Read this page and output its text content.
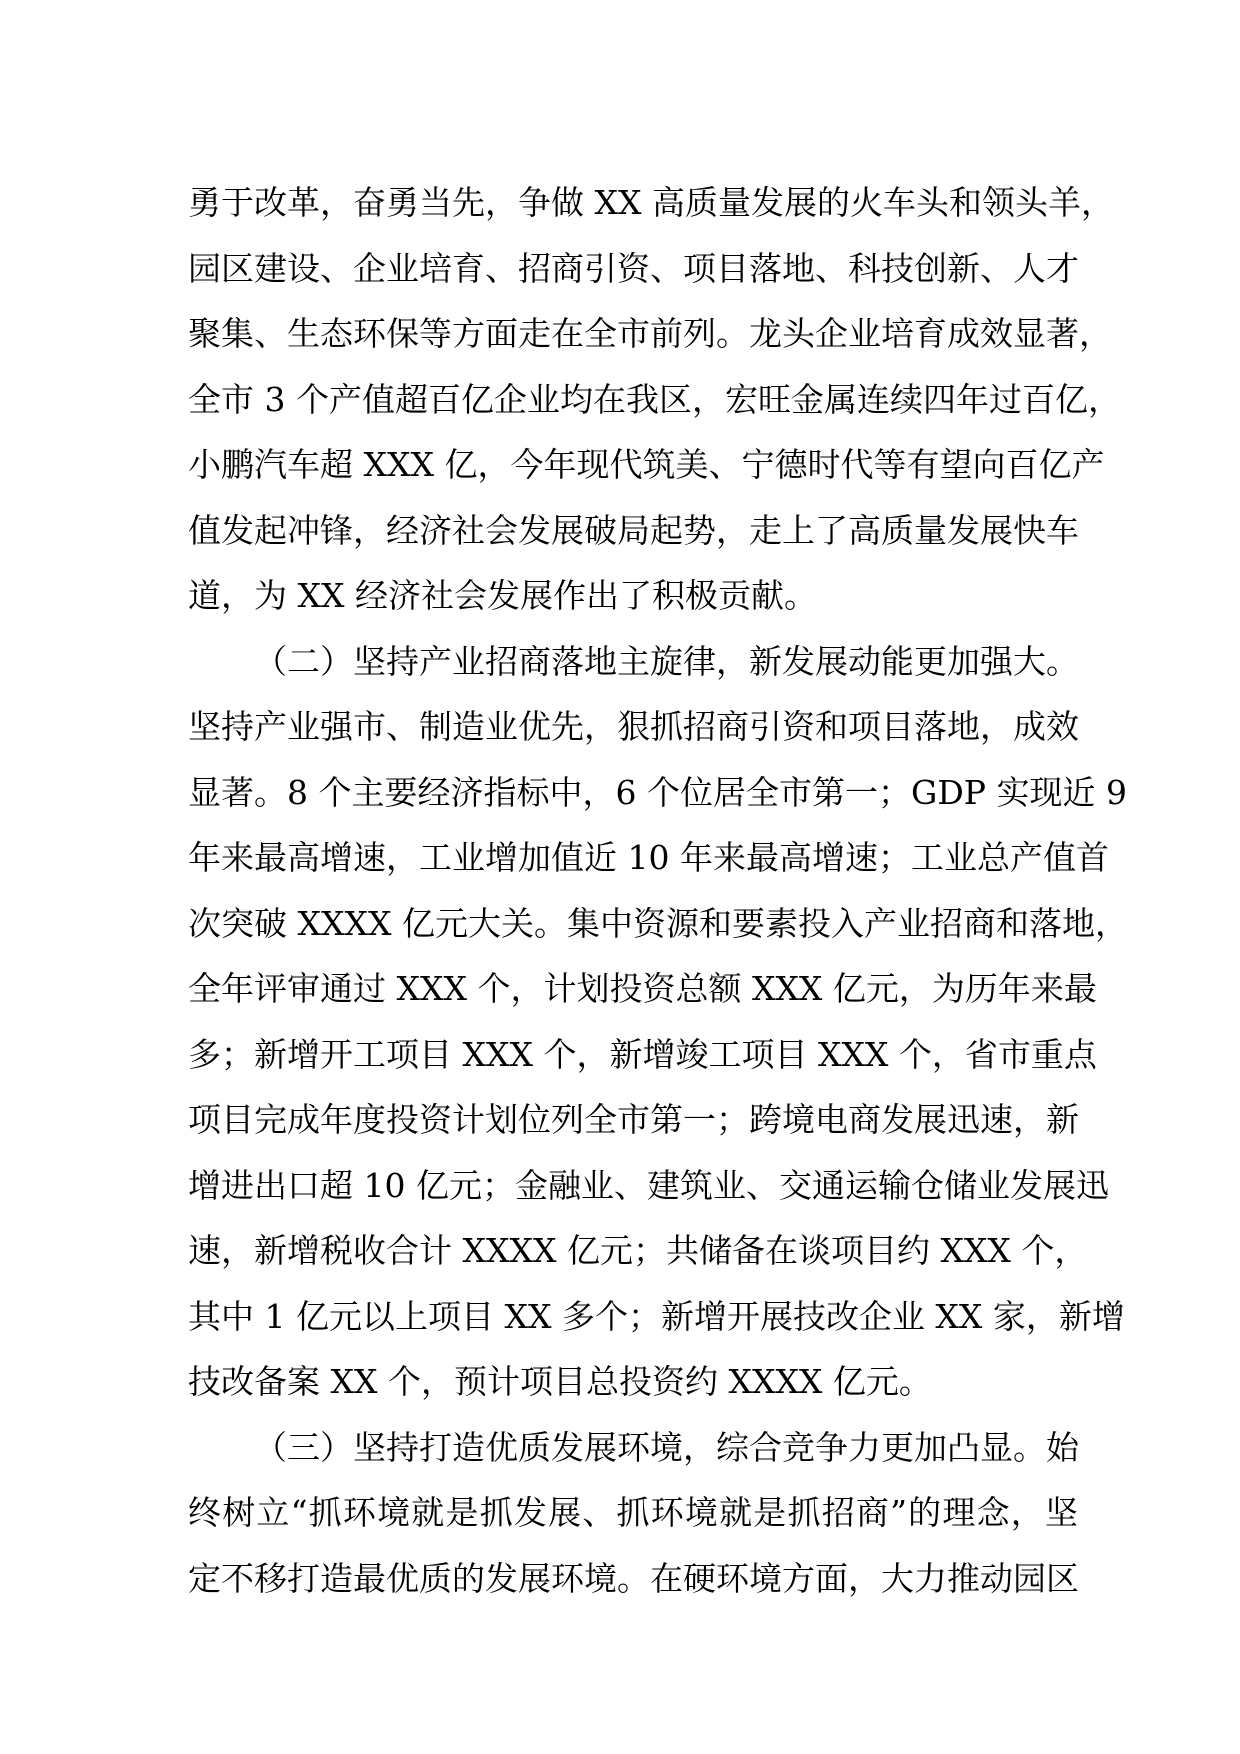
勇于改革，奋勇当先，争做 XX 高质量发展的火车头和领头羊，
园区建设、企业培育、招商引资、项目落地、科技创新、人才
聚集、生态环保等方面走在全市前列。龙头企业培育成效显著，
全市 3 个产值超百亿企业均在我区，宏旺金属连续四年过百亿，
小鹏汽车超 XXX 亿，今年现代筑美、宁德时代等有望向百亿产
值发起冲锋，经济社会发展破局起势，走上了高质量发展快车
道，为 XX 经济社会发展作出了积极贡献。
（二）坚持产业招商落地主旋律，新发展动能更加强大。
坚持产业强市、制造业优先，狠抓招商引资和项目落地，成效
显著。8 个主要经济指标中，6 个位居全市第一；GDP 实现近 9
年来最高增速，工业增加值近 10 年来最高增速；工业总产值首
次突破 XXXX 亿元大关。集中资源和要素投入产业招商和落地，
全年评审通过 XXX 个，计划投资总额 XXX 亿元，为历年来最
多；新增开工项目 XXX 个，新增竣工项目 XXX 个，省市重点
项目完成年度投资计划位列全市第一；跨境电商发展迅速，新
增进出口超 10 亿元；金融业、建筑业、交通运输仓储业发展迅
速，新增税收合计 XXXX 亿元；共储备在谈项目约 XXX 个，
其中 1 亿元以上项目 XX 多个；新增开展技改企业 XX 家，新增
技改备案 XX 个，预计项目总投资约 XXXX 亿元。
（三）坚持打造优质发展环境，综合竞争力更加凸显。始
终树立“抓环境就是抓发展、抓环境就是抓招商”的理念，坚
定不移打造最优质的发展环境。在硬环境方面，大力推动园区
